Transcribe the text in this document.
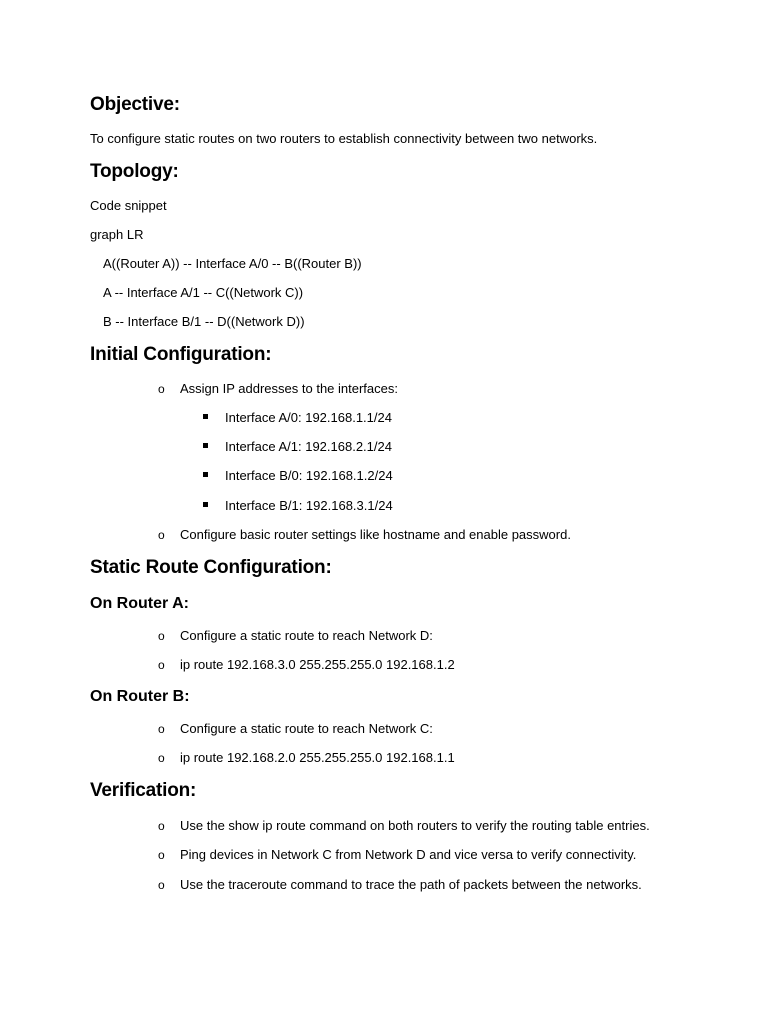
Objective:
To configure static routes on two routers to establish connectivity between two networks.
Topology:
Code snippet
graph LR
A((Router A)) -- Interface A/0 -- B((Router B))
A -- Interface A/1 -- C((Network C))
B -- Interface B/1 -- D((Network D))
Initial Configuration:
o Assign IP addresses to the interfaces:
Interface A/0: 192.168.1.1/24
Interface A/1: 192.168.2.1/24
Interface B/0: 192.168.1.2/24
Interface B/1: 192.168.3.1/24
o Configure basic router settings like hostname and enable password.
Static Route Configuration:
On Router A:
o Configure a static route to reach Network D:
o ip route 192.168.3.0 255.255.255.0 192.168.1.2
On Router B:
o Configure a static route to reach Network C:
o ip route 192.168.2.0 255.255.255.0 192.168.1.1
Verification:
o Use the show ip route command on both routers to verify the routing table entries.
o Ping devices in Network C from Network D and vice versa to verify connectivity.
o Use the traceroute command to trace the path of packets between the networks.
